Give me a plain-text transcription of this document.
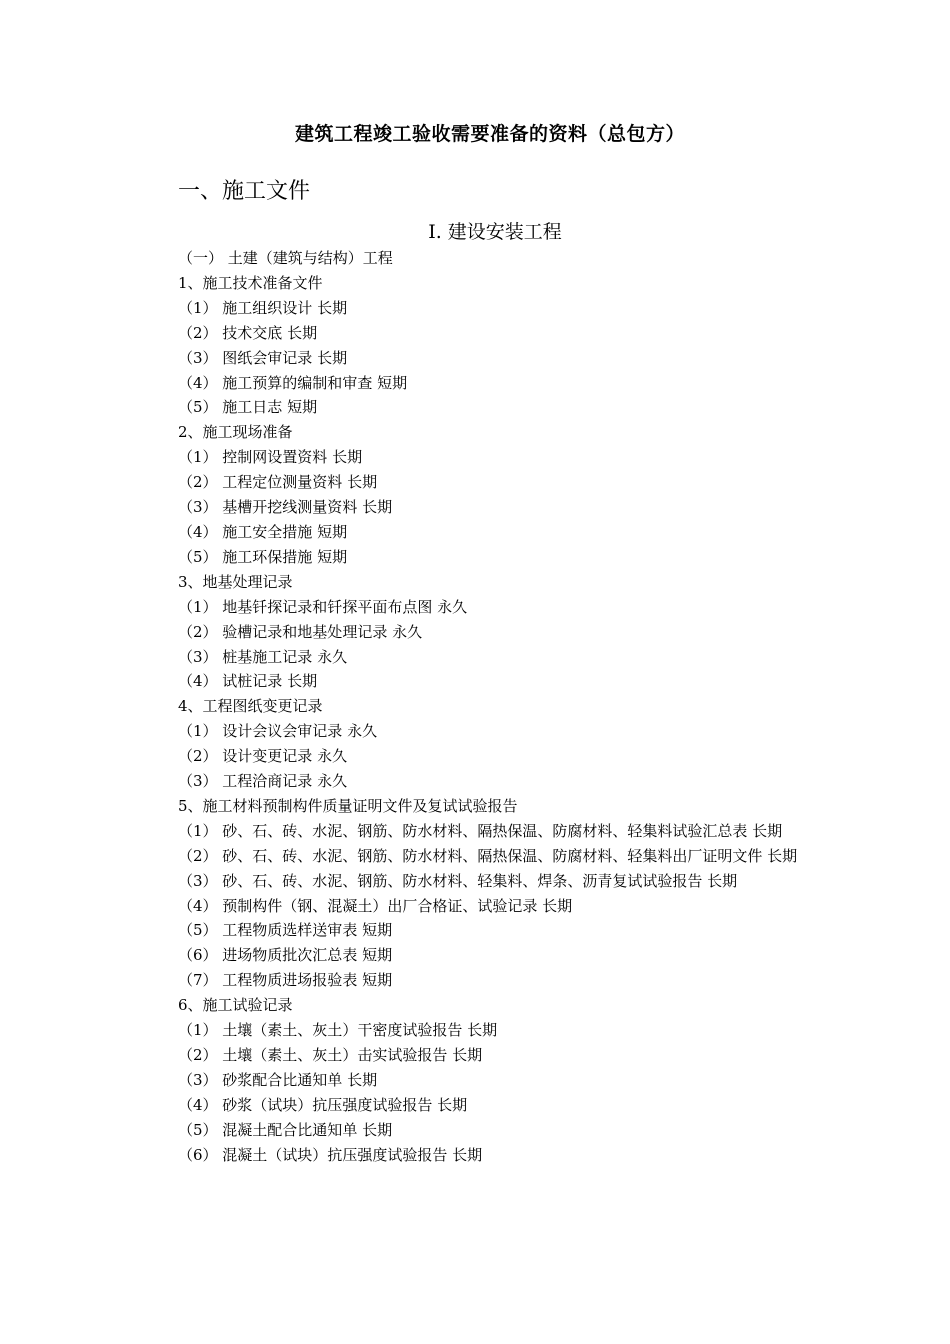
建筑工程竣工验收需要准备的资料（总包方）
一、施工文件
Ⅰ. 建设安装工程
（一） 土建（建筑与结构）工程
1、施工技术准备文件
（1） 施工组织设计 长期
（2） 技术交底 长期
（3） 图纸会审记录 长期
（4） 施工预算的编制和审查 短期
（5） 施工日志 短期
2、施工现场准备
（1） 控制网设置资料 长期
（2） 工程定位测量资料 长期
（3） 基槽开挖线测量资料 长期
（4） 施工安全措施 短期
（5） 施工环保措施 短期
3、地基处理记录
（1） 地基钎探记录和钎探平面布点图 永久
（2） 验槽记录和地基处理记录 永久
（3） 桩基施工记录 永久
（4） 试桩记录 长期
4、工程图纸变更记录
（1） 设计会议会审记录 永久
（2） 设计变更记录 永久
（3） 工程洽商记录 永久
5、施工材料预制构件质量证明文件及复试试验报告
（1） 砂、石、砖、水泥、钢筋、防水材料、隔热保温、防腐材料、轻集料试验汇总表 长期
（2） 砂、石、砖、水泥、钢筋、防水材料、隔热保温、防腐材料、轻集料出厂证明文件 长期
（3） 砂、石、砖、水泥、钢筋、防水材料、轻集料、焊条、沥青复试试验报告 长期
（4） 预制构件（钢、混凝土）出厂合格证、试验记录 长期
（5） 工程物质选样送审表 短期
（6） 进场物质批次汇总表 短期
（7） 工程物质进场报验表 短期
6、施工试验记录
（1） 土壤（素土、灰土）干密度试验报告 长期
（2） 土壤（素土、灰土）击实试验报告 长期
（3） 砂浆配合比通知单 长期
（4） 砂浆（试块）抗压强度试验报告 长期
（5） 混凝土配合比通知单 长期
（6） 混凝土（试块）抗压强度试验报告 长期
